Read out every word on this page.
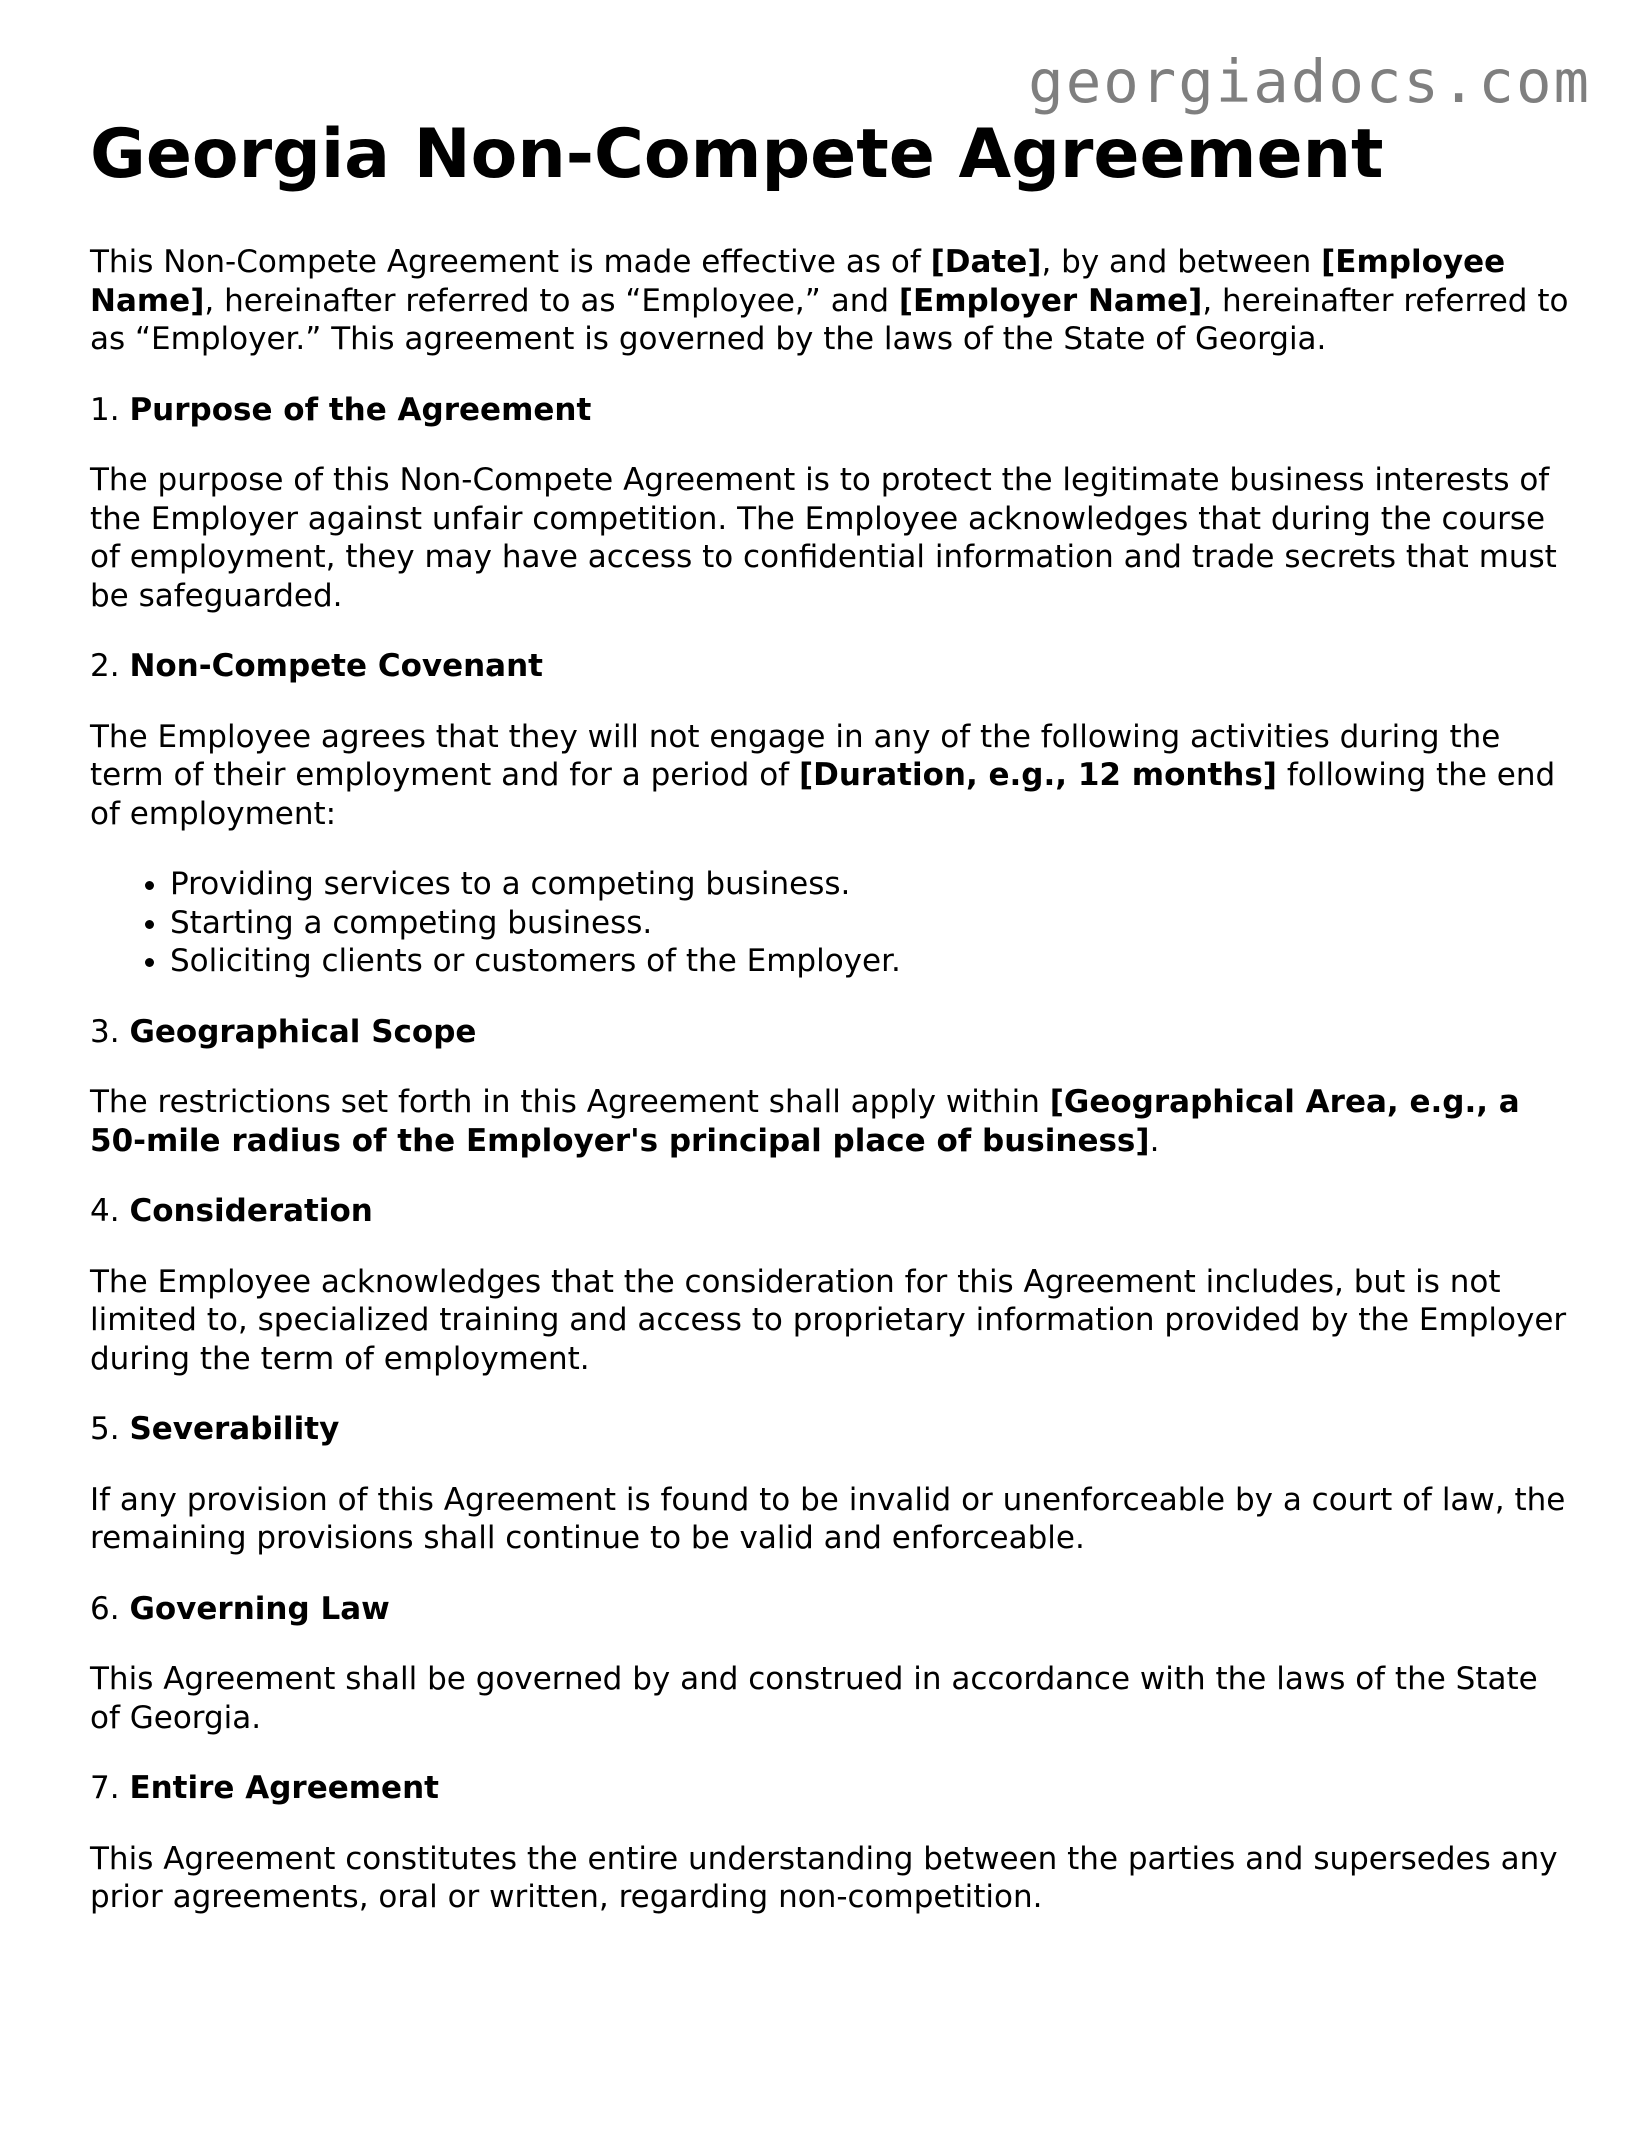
georgiadocs.com
Georgia Non-Compete Agreement

This Non-Compete Agreement is made effective as of [Date], by and between [Employee Name], hereinafter referred to as “Employee,” and [Employer Name], hereinafter referred to as “Employer.” This agreement is governed by the laws of the State of Georgia.

1. Purpose of the Agreement

The purpose of this Non-Compete Agreement is to protect the legitimate business interests of the Employer against unfair competition. The Employee acknowledges that during the course of employment, they may have access to confidential information and trade secrets that must be safeguarded.

2. Non-Compete Covenant

The Employee agrees that they will not engage in any of the following activities during the term of their employment and for a period of [Duration, e.g., 12 months] following the end of employment:

• Providing services to a competing business.
• Starting a competing business.
• Soliciting clients or customers of the Employer.

3. Geographical Scope

The restrictions set forth in this Agreement shall apply within [Geographical Area, e.g., a 50-mile radius of the Employer's principal place of business].

4. Consideration

The Employee acknowledges that the consideration for this Agreement includes, but is not limited to, specialized training and access to proprietary information provided by the Employer during the term of employment.

5. Severability

If any provision of this Agreement is found to be invalid or unenforceable by a court of law, the remaining provisions shall continue to be valid and enforceable.

6. Governing Law

This Agreement shall be governed by and construed in accordance with the laws of the State of Georgia.

7. Entire Agreement

This Agreement constitutes the entire understanding between the parties and supersedes any prior agreements, oral or written, regarding non-competition.
